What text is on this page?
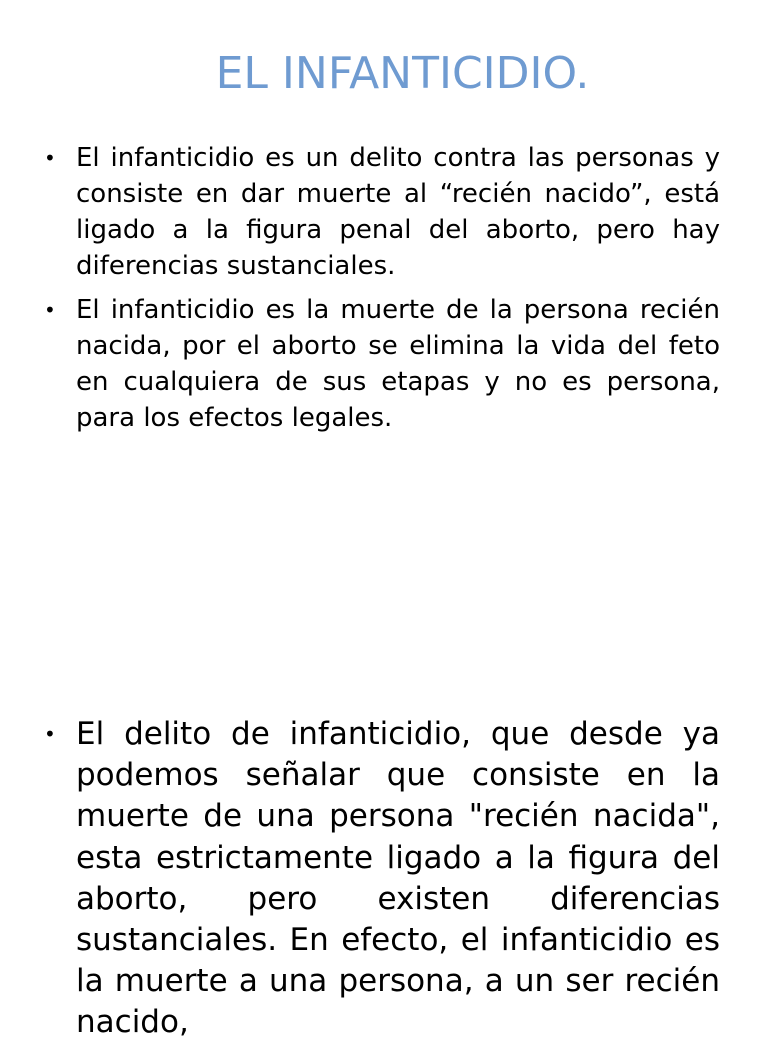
EL INFANTICIDIO.
• El infanticidio es un delito contra las personas y consiste en dar muerte al “recién nacido”, está ligado a la figura penal del aborto, pero hay diferencias sustanciales.
• El infanticidio es la muerte de la persona recién nacida, por el aborto se elimina la vida del feto en cualquiera de sus etapas y no es persona, para los efectos legales.
• El delito de infanticidio, que desde ya podemos señalar que consiste en la muerte de una persona "recién nacida", esta estrictamente ligado a la figura del aborto, pero existen diferencias sustanciales. En efecto, el infanticidio es la muerte a una persona, a un ser recién nacido,
